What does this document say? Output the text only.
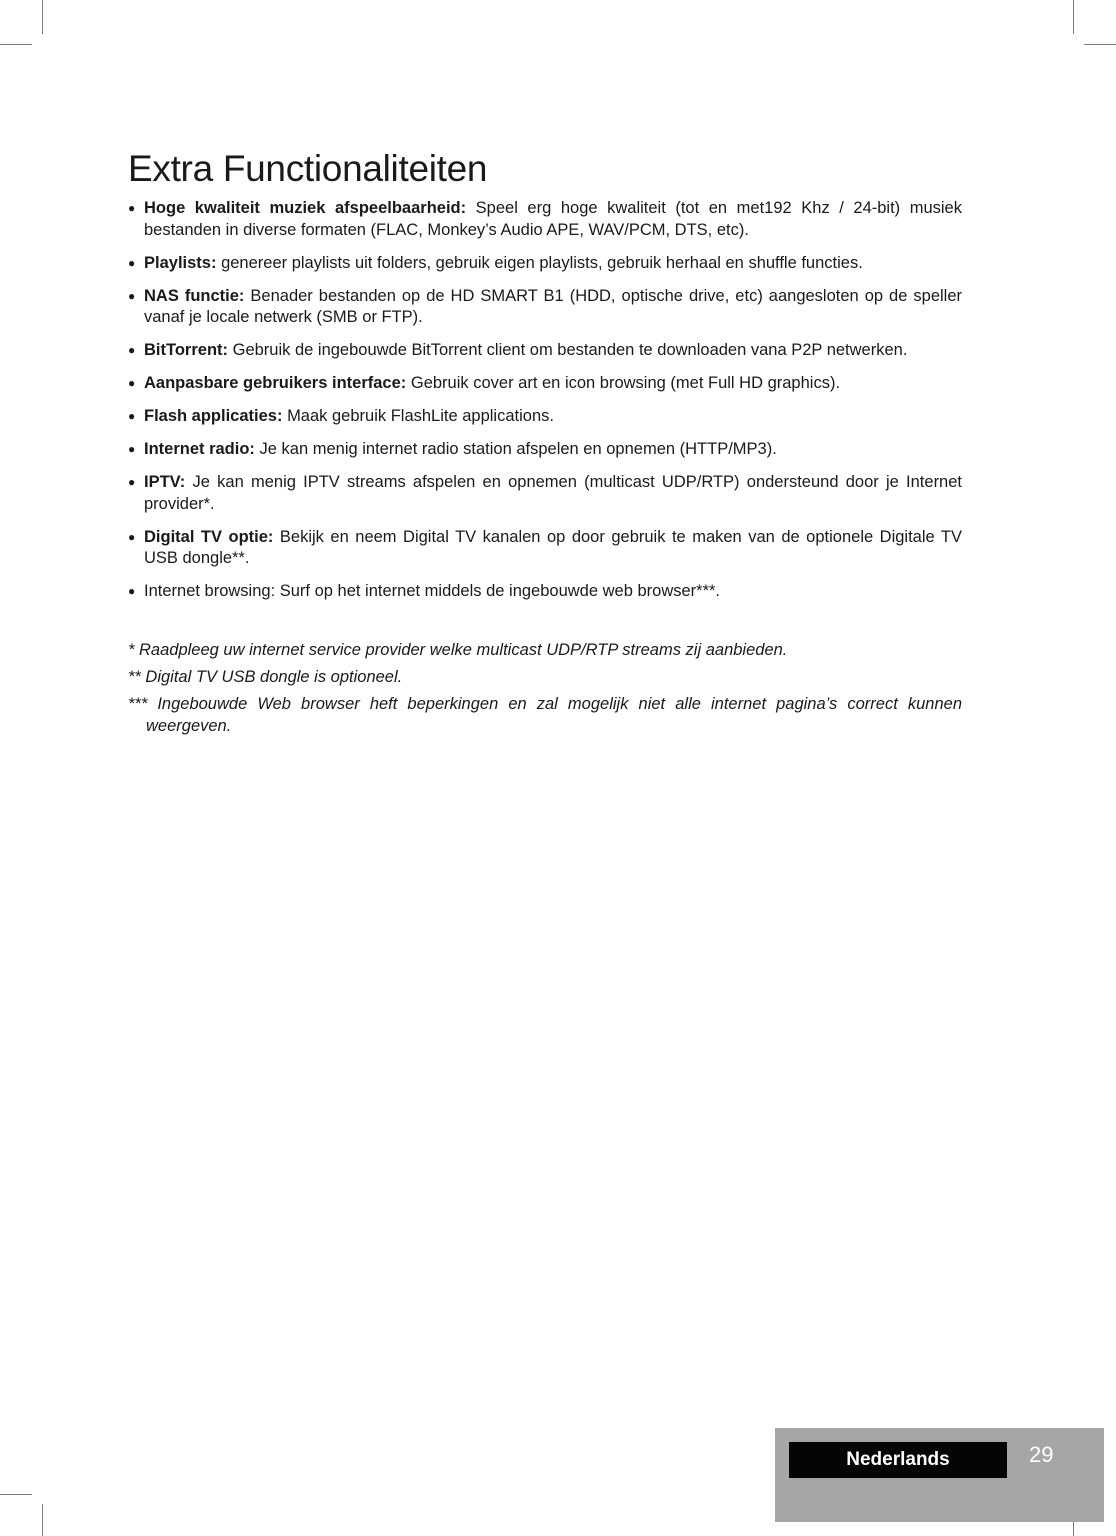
Extra Functionaliteiten
● Hoge kwaliteit muziek afspeelbaarheid: Speel erg hoge kwaliteit (tot en met192 Khz / 24-bit) musiek bestanden in diverse formaten (FLAC, Monkey’s Audio APE, WAV/PCM, DTS, etc).
● Playlists: genereer playlists uit folders, gebruik eigen playlists, gebruik herhaal en shuffle functies.
● NAS functie: Benader bestanden op de HD SMART B1 (HDD, optische drive, etc) aangesloten op de speller vanaf je locale netwerk (SMB or FTP).
● BitTorrent: Gebruik de ingebouwde BitTorrent client om bestanden te downloaden vana P2P netwerken.
● Aanpasbare gebruikers interface: Gebruik cover art en icon browsing (met Full HD graphics).
● Flash applicaties: Maak gebruik FlashLite applications.
● Internet radio: Je kan menig internet radio station afspelen en opnemen (HTTP/MP3).
● IPTV: Je kan menig IPTV streams afspelen en opnemen (multicast UDP/RTP) ondersteund door je Internet provider*.
● Digital TV optie: Bekijk en neem Digital TV kanalen op door gebruik te maken van de optionele Digitale TV USB dongle**.
● Internet browsing: Surf op het internet middels de ingebouwde web browser***.
* Raadpleeg uw internet service provider welke multicast UDP/RTP streams zij aanbieden.
** Digital TV USB dongle is optioneel.
*** Ingebouwde Web browser heft beperkingen en zal mogelijk niet alle internet pagina’s correct kunnen weergeven.
Nederlands	29
